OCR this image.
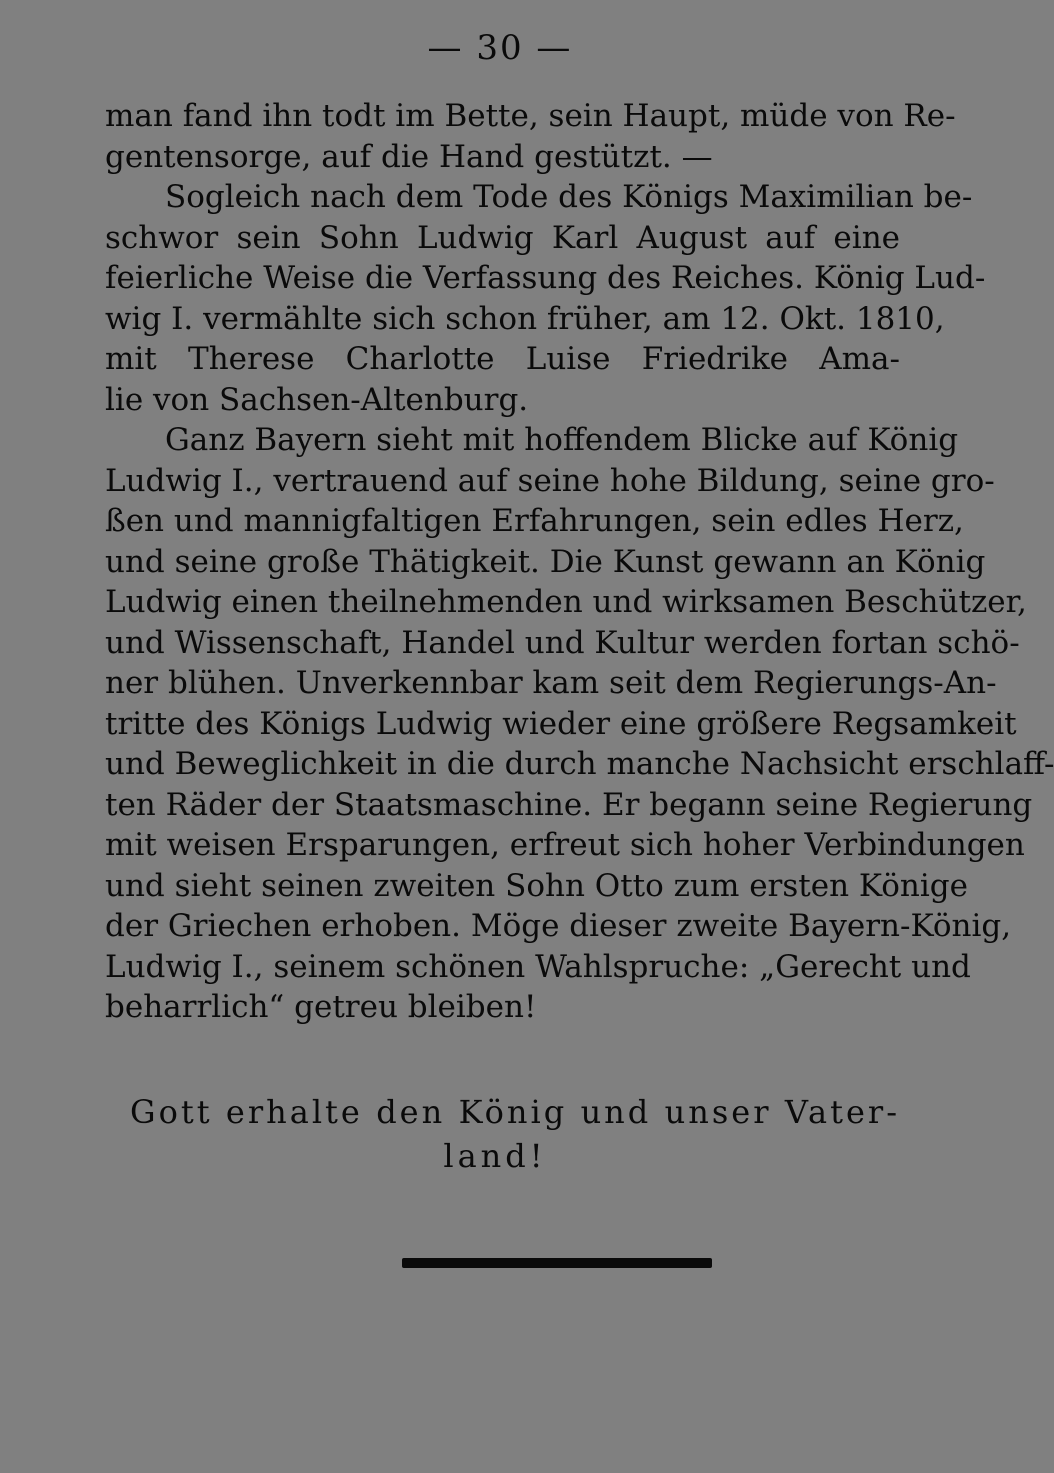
— 30 —
man fand ihn todt im Bette, sein Haupt, müde von Re-
gentensorge, auf die Hand gestützt. —
Sogleich nach dem Tode des Königs Maximilian be-
schwor sein Sohn Ludwig Karl August auf eine
feierliche Weise die Verfassung des Reiches. König Lud-
wig I. vermählte sich schon früher, am 12. Okt. 1810,
mit Therese Charlotte Luise Friedrike Ama-
lie von Sachsen-Altenburg.
Ganz Bayern sieht mit hoffendem Blicke auf König
Ludwig I., vertrauend auf seine hohe Bildung, seine gro-
ßen und mannigfaltigen Erfahrungen, sein edles Herz,
und seine große Thätigkeit. Die Kunst gewann an König
Ludwig einen theilnehmenden und wirksamen Beschützer,
und Wissenschaft, Handel und Kultur werden fortan schö-
ner blühen. Unverkennbar kam seit dem Regierungs-An-
tritte des Königs Ludwig wieder eine größere Regsamkeit
und Beweglichkeit in die durch manche Nachsicht erschlaff-
ten Räder der Staatsmaschine. Er begann seine Regierung
mit weisen Ersparungen, erfreut sich hoher Verbindungen
und sieht seinen zweiten Sohn Otto zum ersten Könige
der Griechen erhoben. Möge dieser zweite Bayern-König,
Ludwig I., seinem schönen Wahlspruche: „Gerecht und
beharrlich“ getreu bleiben!
Gott erhalte den König und unser Vater-
land!
